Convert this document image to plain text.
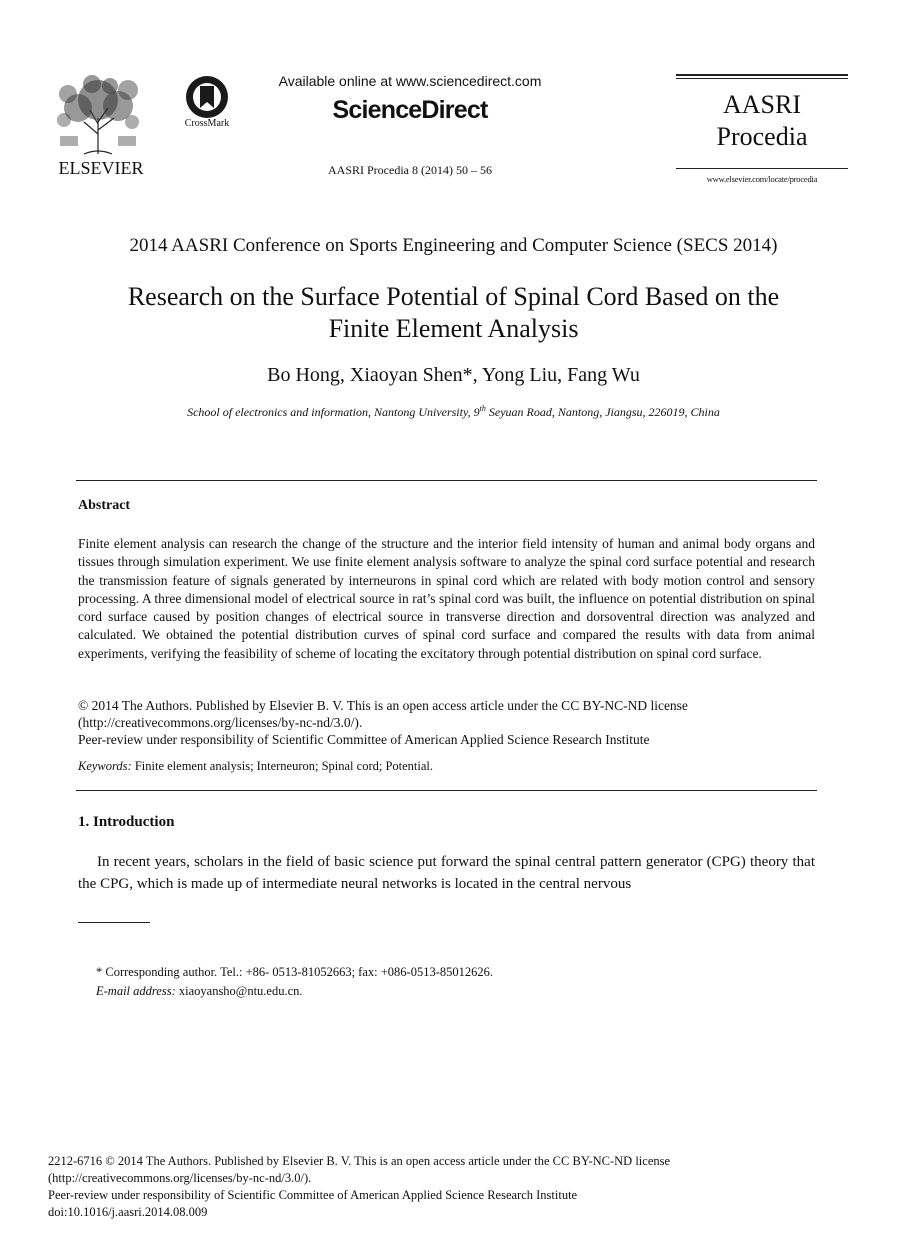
ELSEVIER
CrossMark
Available online at www.sciencedirect.com
ScienceDirect
AASRI Procedia 8 (2014) 50 – 56
AASRI
Procedia
www.elsevier.com/locate/procedia
2014 AASRI Conference on Sports Engineering and Computer Science (SECS 2014)
Research on the Surface Potential of Spinal Cord Based on the
Finite Element Analysis
Bo Hong, Xiaoyan Shen*, Yong Liu, Fang Wu
School of electronics and information, Nantong University, 9th Seyuan Road, Nantong, Jiangsu, 226019, China
Abstract
Finite element analysis can research the change of the structure and the interior field intensity of human and animal body organs and tissues through simulation experiment. We use finite element analysis software to analyze the spinal cord surface potential and research the transmission feature of signals generated by interneurons in spinal cord which are related with body motion control and sensory processing. A three dimensional model of electrical source in rat’s spinal cord was built, the influence on potential distribution on spinal cord surface caused by position changes of electrical source in transverse direction and dorsoventral direction was analyzed and calculated. We obtained the potential distribution curves of spinal cord surface and compared the results with data from animal experiments, verifying the feasibility of scheme of locating the excitatory through potential distribution on spinal cord surface.
© 2014 The Authors. Published by Elsevier B. V. This is an open access article under the CC BY-NC-ND license
(http://creativecommons.org/licenses/by-nc-nd/3.0/).
Peer-review under responsibility of Scientific Committee of American Applied Science Research Institute
Keywords: Finite element analysis; Interneuron; Spinal cord; Potential.
1. Introduction
In recent years, scholars in the field of basic science put forward the spinal central pattern generator (CPG) theory that the CPG, which is made up of intermediate neural networks is located in the central nervous
* Corresponding author. Tel.: +86- 0513-81052663; fax: +086-0513-85012626.
E-mail address: xiaoyansho@ntu.edu.cn.
2212-6716 © 2014 The Authors. Published by Elsevier B. V. This is an open access article under the CC BY-NC-ND license
(http://creativecommons.org/licenses/by-nc-nd/3.0/).
Peer-review under responsibility of Scientific Committee of American Applied Science Research Institute
doi:10.1016/j.aasri.2014.08.009
